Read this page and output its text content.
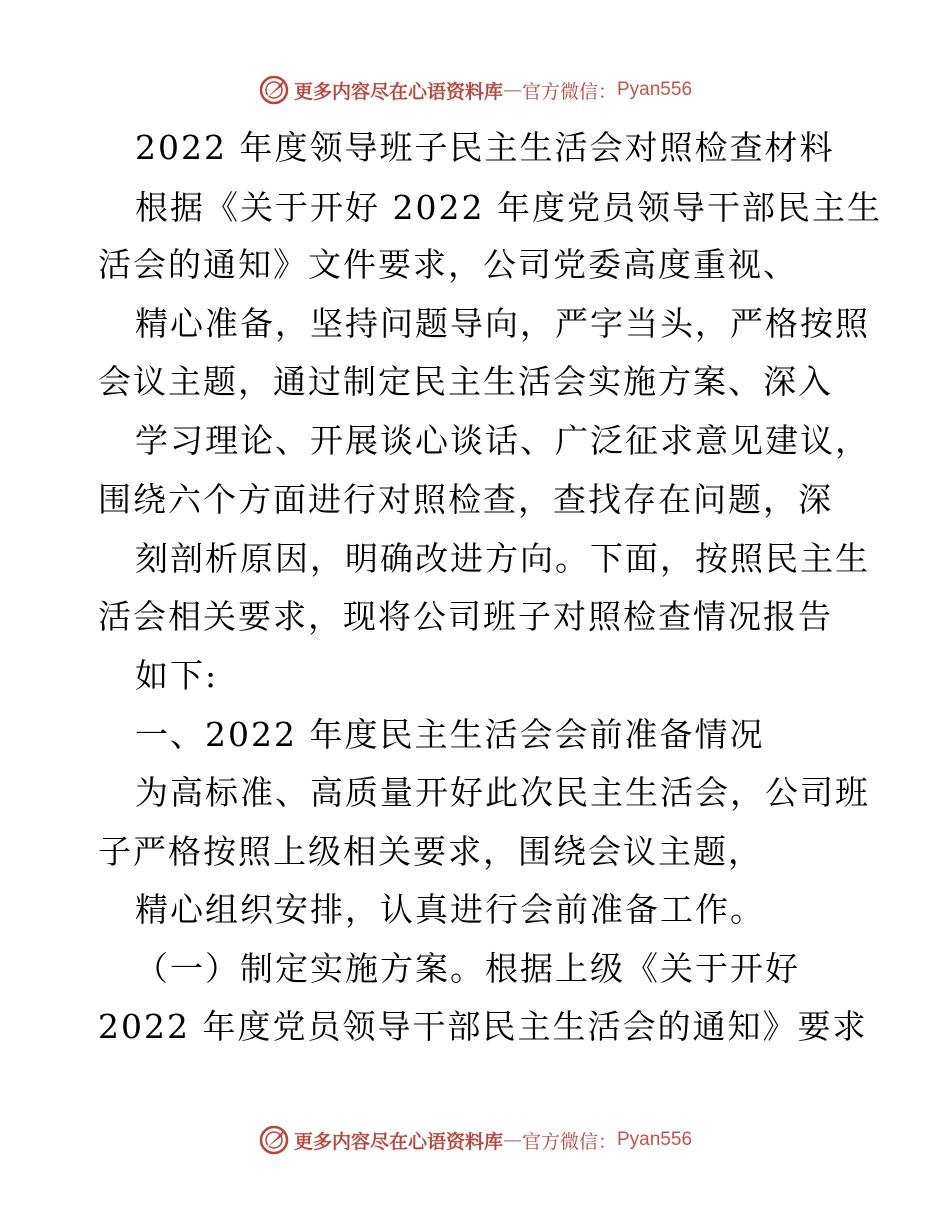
更多内容尽在心语资料库 — 官方微信： Pyan556
2022 年度领导班子民主生活会对照检查材料
根据《关于开好 2022 年度党员领导干部民主生
活会的通知》文件要求，公司党委高度重视、
精心准备，坚持问题导向，严字当头，严格按照
会议主题，通过制定民主生活会实施方案、深入
学习理论、开展谈心谈话、广泛征求意见建议，
围绕六个方面进行对照检查，查找存在问题，深
刻剖析原因，明确改进方向。下面，按照民主生
活会相关要求，现将公司班子对照检查情况报告
如下:
一、2022 年度民主生活会会前准备情况
为高标准、高质量开好此次民主生活会，公司班
子严格按照上级相关要求，围绕会议主题，
精心组织安排，认真进行会前准备工作。
（一）制定实施方案。根据上级《关于开好
2022 年度党员领导干部民主生活会的通知》要求
更多内容尽在心语资料库 — 官方微信： Pyan556
